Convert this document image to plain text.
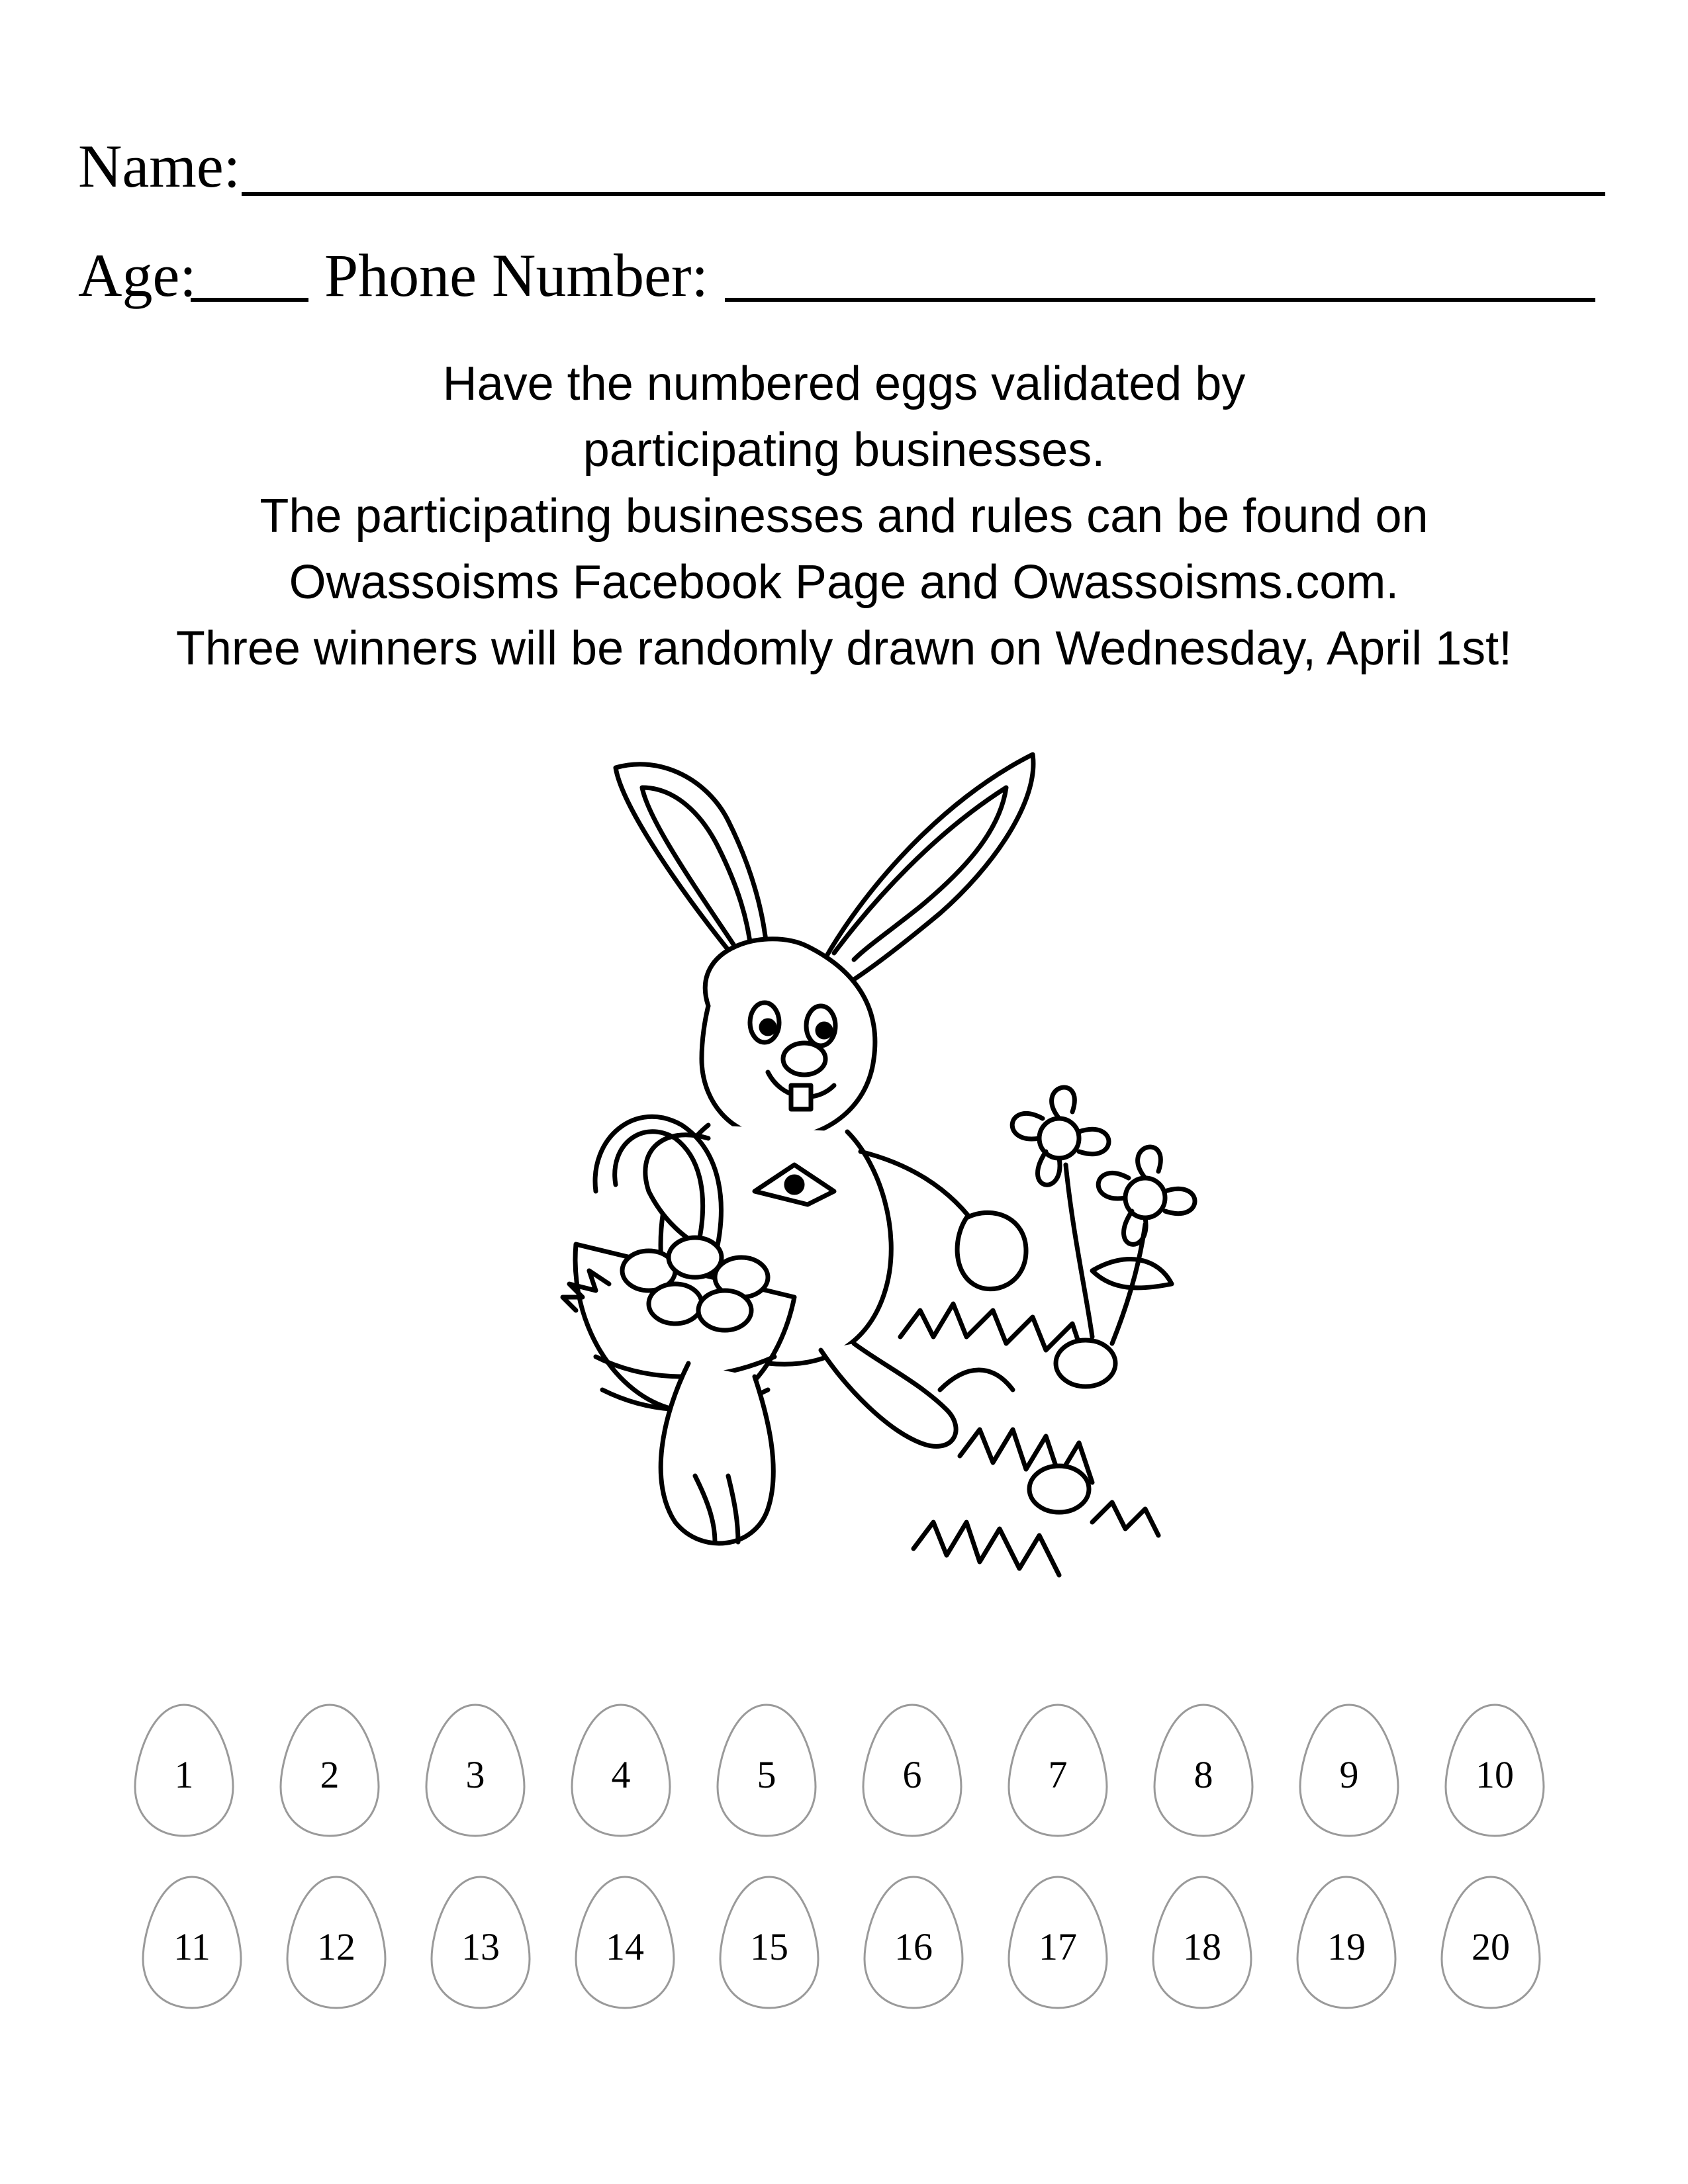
Name:
Age: Phone Number:
Have the numbered eggs validated by
participating businesses.
The participating businesses and rules can be found on
Owassoisms Facebook Page and Owassoisms.com.
Three winners will be randomly drawn on Wednesday, April 1st!
1	2	3	4	5	6	7	8	9	10
11	12	13	14	15	16	17	18	19	20
